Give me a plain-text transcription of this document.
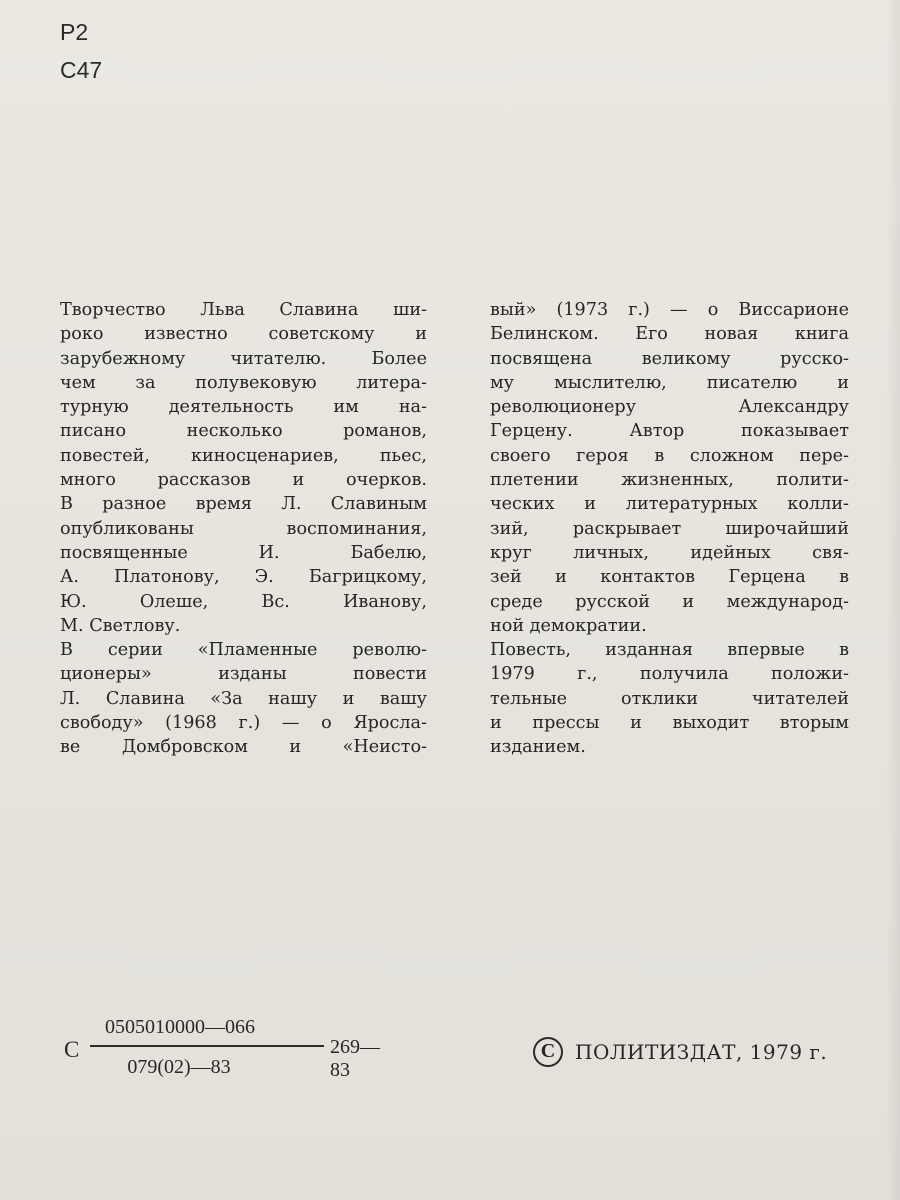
Р2
С47
Творчество Льва Славина ши-
роко известно советскому и
зарубежному читателю. Более
чем за полувековую литера-
турную деятельность им на-
писано несколько романов,
повестей, киносценариев, пьес,
много рассказов и очерков.
В разное время Л. Славиным
опубликованы воспоминания,
посвященные И. Бабелю,
А. Платонову, Э. Багрицкому,
Ю. Олеше, Вс. Иванову,
М. Светлову.
В серии «Пламенные револю-
ционеры» изданы повести
Л. Славина «За нашу и вашу
свободу» (1968 г.) — о Яросла-
ве Домбровском и «Неисто-
вый» (1973 г.) — о Виссарионе
Белинском. Его новая книга
посвящена великому русско-
му мыслителю, писателю и
революционеру Александру
Герцену. Автор показывает
своего героя в сложном пере-
плетении жизненных, полити-
ческих и литературных колли-
зий, раскрывает широчайший
круг личных, идейных свя-
зей и контактов Герцена в
среде русской и международ-
ной демократии.
Повесть, изданная впервые в
1979 г., получила положи-
тельные отклики читателей
и прессы и выходит вторым
изданием.
С
0505010000—066
079(02)—83
269—83
С ПОЛИТИЗДАТ, 1979 г.
